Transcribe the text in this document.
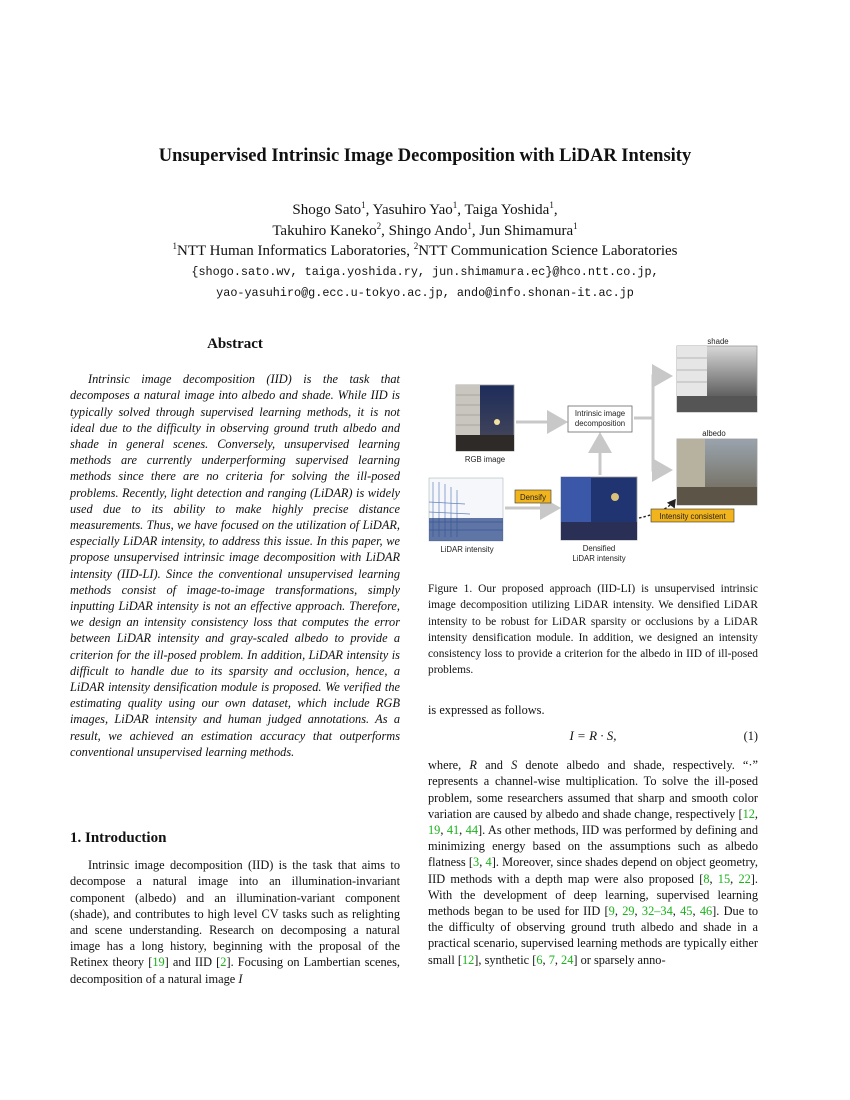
Unsupervised Intrinsic Image Decomposition with LiDAR Intensity
Shogo Sato$^1$, Yasuhiro Yao$^1$, Taiga Yoshida$^1$,
Takuhiro Kaneko$^2$, Shingo Ando$^1$, Jun Shimamura$^1$
$^1$NTT Human Informatics Laboratories, $^2$NTT Communication Science Laboratories
{shogo.sato.wv, taiga.yoshida.ry, jun.shimamura.ec}@hco.ntt.co.jp,
yao-yasuhiro@g.ecc.u-tokyo.ac.jp, ando@info.shonan-it.ac.jp
Abstract

Intrinsic image decomposition (IID) is the task that decomposes a natural image into albedo and shade. While IID is typically solved through supervised learning methods, it is not ideal due to the difficulty in observing ground truth albedo and shade in general scenes. Conversely, unsupervised learning methods are currently underperforming supervised learning methods since there are no criteria for solving the ill-posed problems. Recently, light detection and ranging (LiDAR) is widely used due to its ability to make highly precise distance measurements. Thus, we have focused on the utilization of LiDAR, especially LiDAR intensity, to address this issue. In this paper, we propose unsupervised intrinsic image decomposition with LiDAR intensity (IID-LI). Since the conventional unsupervised learning methods consist of image-to-image transformations, simply inputting LiDAR intensity is not an effective approach. Therefore, we design an intensity consistency loss that computes the error between LiDAR intensity and gray-scaled albedo to provide a criterion for the ill-posed problem. In addition, LiDAR intensity is difficult to handle due to its sparsity and occlusion, hence, a LiDAR intensity densification module is proposed. We verified the estimating quality using our own dataset, which include RGB images, LiDAR intensity and human judged annotations. As a result, we achieved an estimation accuracy that outperforms conventional unsupervised learning methods.

1. Introduction

Intrinsic image decomposition (IID) is the task that aims to decompose a natural image into an illumination-invariant component (albedo) and an illumination-variant component (shade), and contributes to high level CV tasks such as relighting and scene understanding. Research on decomposing a natural image has a long history, beginning with the proposal of the Retinex theory [19] and IID [2]. Focusing on Lambertian scenes, decomposition of a natural image I

RGB image
LiDAR intensity
Densify
Densified
LiDAR intensity
Intrinsic image
decomposition
shade
albedo
Intensity consistent

Figure 1. Our proposed approach (IID-LI) is unsupervised intrinsic image decomposition utilizing LiDAR intensity. We densified LiDAR intensity to be robust for LiDAR sparsity or occlusions by a LiDAR intensity densification module. In addition, we designed an intensity consistency loss to provide a criterion for the albedo in IID of ill-posed problems.

is expressed as follows.

I = R · S,	(1)

where, R and S denote albedo and shade, respectively. “·” represents a channel-wise multiplication. To solve the ill-posed problem, some researchers assumed that sharp and smooth color variation are caused by albedo and shade change, respectively [12, 19, 41, 44]. As other methods, IID was performed by defining and minimizing energy based on the assumptions such as albedo flatness [3, 4]. Moreover, since shades depend on object geometry, IID methods with a depth map were also proposed [8, 15, 22]. With the development of deep learning, supervised learning methods began to be used for IID [9, 29, 32–34, 45, 46]. Due to the difficulty of observing ground truth albedo and shade in a practical scenario, supervised learning methods are typically either small [12], synthetic [6, 7, 24] or sparsely anno-
